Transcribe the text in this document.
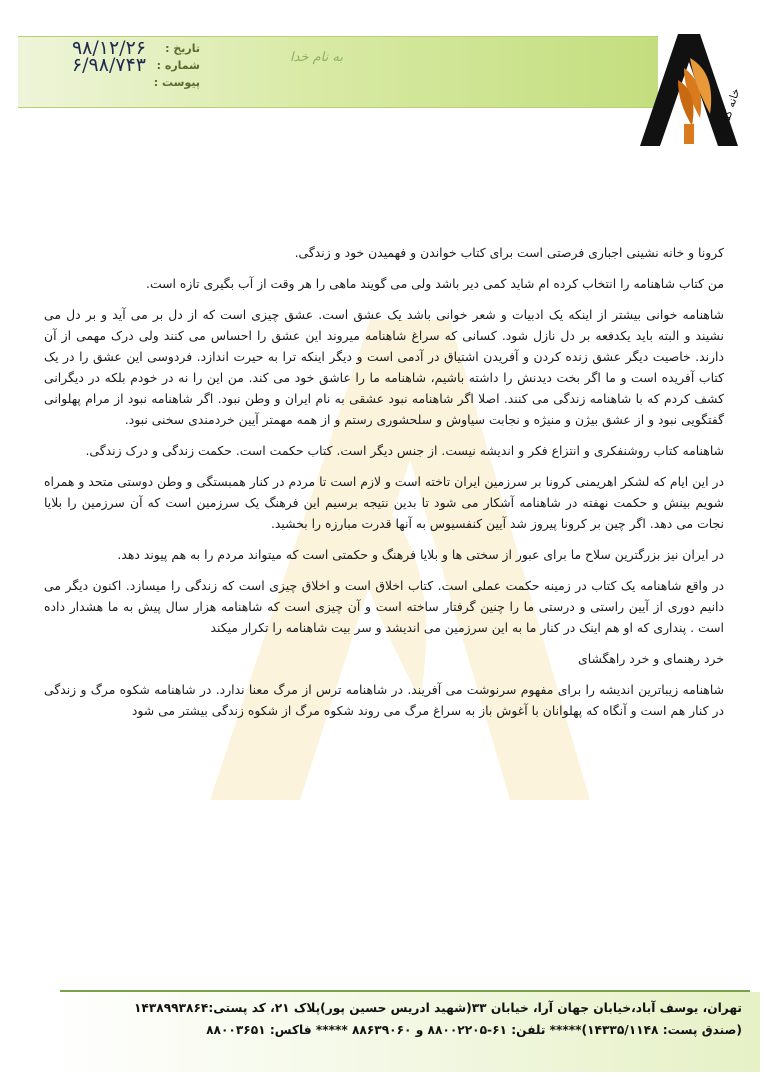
خانه کشاورز
به نام خدا
تاریخ :
۹۸/۱۲/۲۶
شماره :
۶/۹۸/۷۴۳
پیوست :

کرونا و خانه نشینی اجباری فرصتی است برای کتاب خواندن و فهمیدن خود و زندگی.

من کتاب شاهنامه را انتخاب کرده ام شاید کمی دیر باشد ولی می گویند ماهی را هر وقت از آب بگیری تازه است.

شاهنامه خوانی بیشتر از اینکه یک ادبیات و شعر خوانی باشد یک عشق است. عشق چیزی است که از دل بر می آید و بر دل می نشیند و البته باید یکدفعه بر دل نازل شود. کسانی که سراغ شاهنامه میروند این عشق را احساس می کنند ولی درک مهمی از آن دارند. خاصیت دیگر عشق زنده کردن و آفریدن اشتیاق در آدمی است و دیگر اینکه ترا به حیرت اندازد. فردوسی این عشق را در یک کتاب آفریده است و ما اگر بخت دیدنش را داشته باشیم، شاهنامه ما را عاشق خود می کند. من این را نه در خودم بلکه در دیگرانی کشف کردم که با شاهنامه زندگی می کنند. اصلا اگر شاهنامه نبود عشقی به نام ایران و وطن نبود. اگر شاهنامه نبود از مرام پهلوانی گفتگویی نبود و از عشق بیژن و منیژه و نجابت سیاوش و سلحشوری رستم و از همه مهمتر آیین خردمندی سخنی نبود.

شاهنامه کتاب روشنفکری و انتزاع فکر و اندیشه نیست. از جنس دیگر است. کتاب حکمت است. حکمت زندگی و درک زندگی.

در این ایام که لشکر اهریمنی کرونا بر سرزمین ایران تاخته است و لازم است تا مردم در کنار همبستگی و وطن دوستی متحد و همراه شویم بینش و حکمت نهفته در شاهنامه آشکار می شود تا بدین نتیجه برسیم این فرهنگ یک سرزمین است که آن سرزمین را بلایا نجات می دهد. اگر چین بر کرونا پیروز شد آیین کنفسیوس به آنها قدرت مبارزه را بخشید.

در ایران نیز بزرگترین سلاح ما برای عبور از سختی ها و بلایا فرهنگ و حکمتی است که میتواند مردم را به هم پیوند دهد.

در واقع شاهنامه یک کتاب در زمینه حکمت عملی است. کتاب اخلاق است و اخلاق چیزی است که زندگی را میسازد. اکنون دیگر می دانیم دوری از آیین راستی و درستی ما را چنین گرفتار ساخته است و آن چیزی است که شاهنامه هزار سال پیش به ما هشدار داده است . پنداری که او هم اینک در کنار ما به این سرزمین می اندیشد و سر بیت شاهنامه را تکرار میکند

خرد رهنمای و خرد راهگشای

شاهنامه زیباترین اندیشه را برای مفهوم سرنوشت می آفریند. در شاهنامه ترس از مرگ معنا ندارد. در شاهنامه شکوه مرگ و زندگی در کنار هم است و آنگاه که پهلوانان با آغوش باز به سراغ مرگ می روند شکوه مرگ از شکوه زندگی بیشتر می شود

تهران، یوسف آباد،خیابان جهان آرا، خیابان ۳۳(شهید ادریس حسین پور)پلاک ۲۱، کد پستی:۱۴۳۸۹۹۳۸۶۴
(صندق پست: ۱۴۳۳۵/۱۱۴۸)***** تلفن: ۶۱-۸۸۰۰۲۲۰۵ و ۸۸۶۳۹۰۶۰ ***** فاکس: ۸۸۰۰۳۶۵۱
